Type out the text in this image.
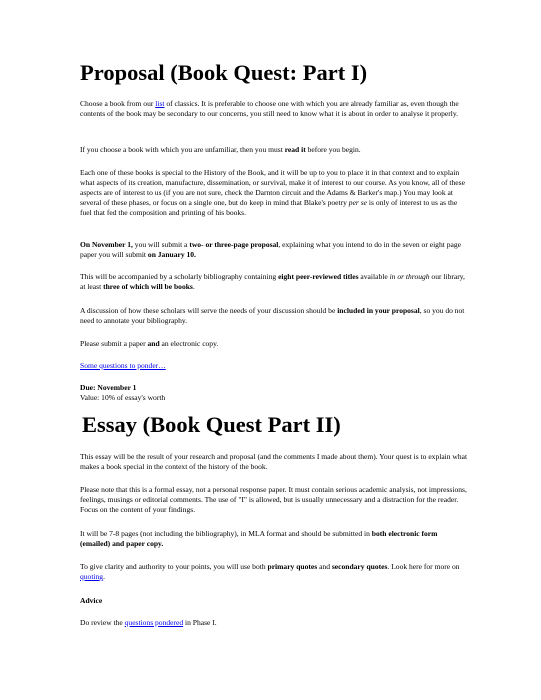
Proposal (Book Quest: Part I)

Choose a book from our list of classics. It is preferable to choose one with which you are already familiar as, even though the contents of the book may be secondary to our concerns, you still need to know what it is about in order to analyse it properly.

If you choose a book with which you are unfamiliar, then you must read it before you begin.

Each one of these books is special to the History of the Book, and it will be up to you to place it in that context and to explain what aspects of its creation, manufacture, dissemination, or survival, make it of interest to our course. As you know, all of these aspects are of interest to us (if you are not sure, check the Darnton circuit and the Adams & Barker's map.) You may look at several of these phases, or focus on a single one, but do keep in mind that Blake's poetry per se is only of interest to us as the fuel that fed the composition and printing of his books.

On November 1, you will submit a two- or three-page proposal, explaining what you intend to do in the seven or eight page paper you will submit on January 10.

This will be accompanied by a scholarly bibliography containing eight peer-reviewed titles available in or through our library, at least three of which will be books.

A discussion of how these scholars will serve the needs of your discussion should be included in your proposal, so you do not need to annotate your bibliography.

Please submit a paper and an electronic copy.

Some questions to ponder…

Due: November 1
Value: 10% of essay's worth

Essay (Book Quest Part II)

This essay will be the result of your research and proposal (and the comments I made about them). Your quest is to explain what makes a book special in the context of the history of the book.

Please note that this is a formal essay, not a personal response paper. It must contain serious academic analysis, not impressions, feelings, musings or editorial comments. The use of "I" is allowed, but is usually unnecessary and a distraction for the reader. Focus on the content of your findings.

It will be 7-8 pages (not including the bibliography), in MLA format and should be submitted in both electronic form (emailed) and paper copy.

To give clarity and authority to your points, you will use both primary quotes and secondary quotes. Look here for more on quoting.

Advice

Do review the questions pondered in Phase I.
